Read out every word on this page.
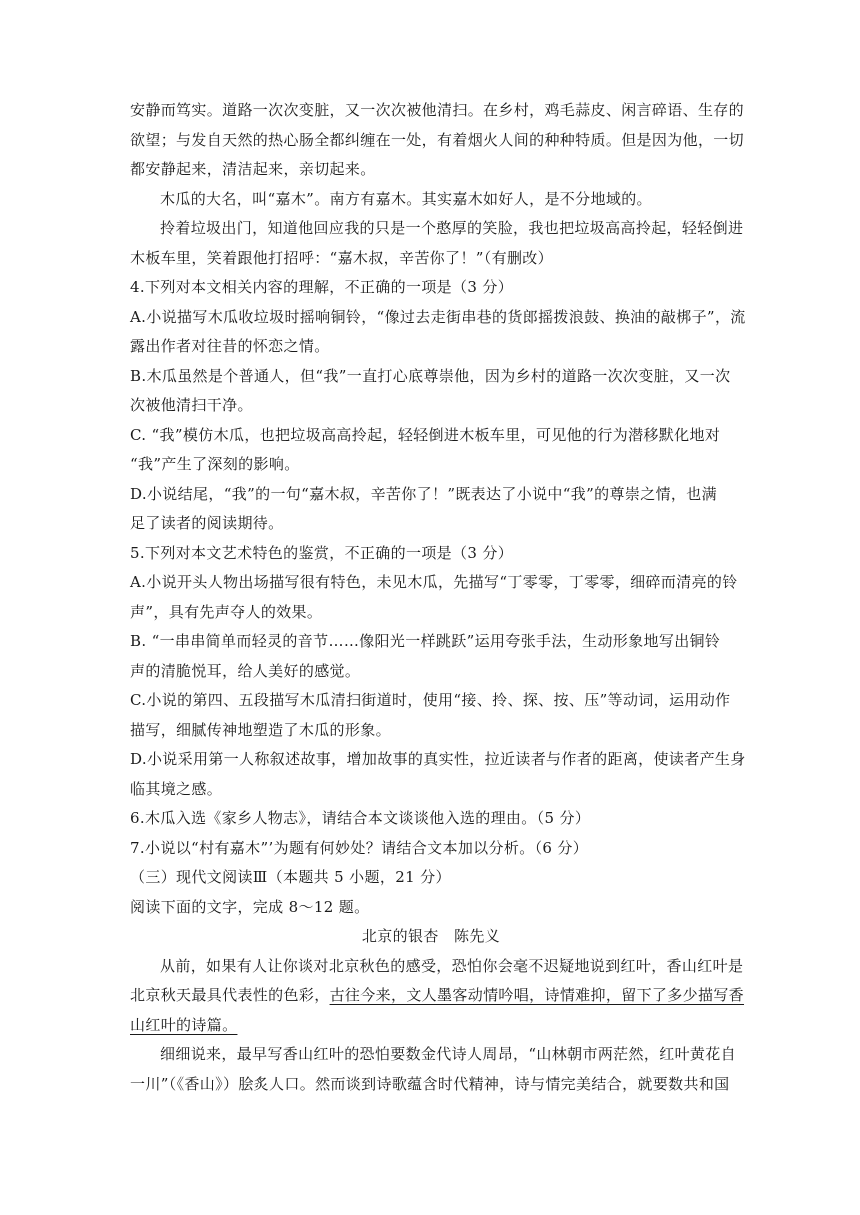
安静而笃实。道路一次次变脏，又一次次被他清扫。在乡村，鸡毛蒜皮、闲言碎语、生存的
欲望；与发自天然的热心肠全都纠缠在一处，有着烟火人间的种种特质。但是因为他，一切
都安静起来，清洁起来，亲切起来。
木瓜的大名，叫“嘉木”。南方有嘉木。其实嘉木如好人，是不分地域的。
拎着垃圾出门，知道他回应我的只是一个憨厚的笑脸，我也把垃圾高高拎起，轻轻倒进
木板车里，笑着跟他打招呼：“嘉木叔，辛苦你了！”（有删改）
4.下列对本文相关内容的理解，不正确的一项是（3 分）
A.小说描写木瓜收垃圾时摇响铜铃，“像过去走街串巷的货郎摇拨浪鼓、换油的敲梆子”，流
露出作者对往昔的怀恋之情。
B.木瓜虽然是个普通人，但“我”一直打心底尊崇他，因为乡村的道路一次次变脏，又一次
次被他清扫干净。
C. “我”模仿木瓜，也把垃圾高高拎起，轻轻倒进木板车里，可见他的行为潜移默化地对
“我”产生了深刻的影响。
D.小说结尾，“我”的一句“嘉木叔，辛苦你了！”既表达了小说中“我”的尊崇之情，也满
足了读者的阅读期待。
5.下列对本文艺术特色的鉴赏，不正确的一项是（3 分）
A.小说开头人物出场描写很有特色，未见木瓜，先描写“丁零零，丁零零，细碎而清亮的铃
声”，具有先声夺人的效果。
B. “一串串简单而轻灵的音节……像阳光一样跳跃”运用夸张手法，生动形象地写出铜铃
声的清脆悦耳，给人美好的感觉。
C.小说的第四、五段描写木瓜清扫街道时，使用“接、拎、探、按、压”等动词，运用动作
描写，细腻传神地塑造了木瓜的形象。
D.小说采用第一人称叙述故事，增加故事的真实性，拉近读者与作者的距离，使读者产生身
临其境之感。
6.木瓜入选《家乡人物志》，请结合本文谈谈他入选的理由。（5 分）
7.小说以“村有嘉木”’为题有何妙处？请结合文本加以分析。（6 分）
（三）现代文阅读Ⅲ（本题共 5 小题，21 分）
阅读下面的文字，完成 8～12 题。
北京的银杏　陈先义
从前，如果有人让你谈对北京秋色的感受，恐怕你会毫不迟疑地说到红叶，香山红叶是
北京秋天最具代表性的色彩，古往今来，文人墨客动情吟唱，诗情难抑，留下了多少描写香
山红叶的诗篇。
细细说来，最早写香山红叶的恐怕要数金代诗人周昂，“山林朝市两茫然，红叶黄花自
一川”（《香山》）脍炙人口。然而谈到诗歌蕴含时代精神，诗与情完美结合，就要数共和国
